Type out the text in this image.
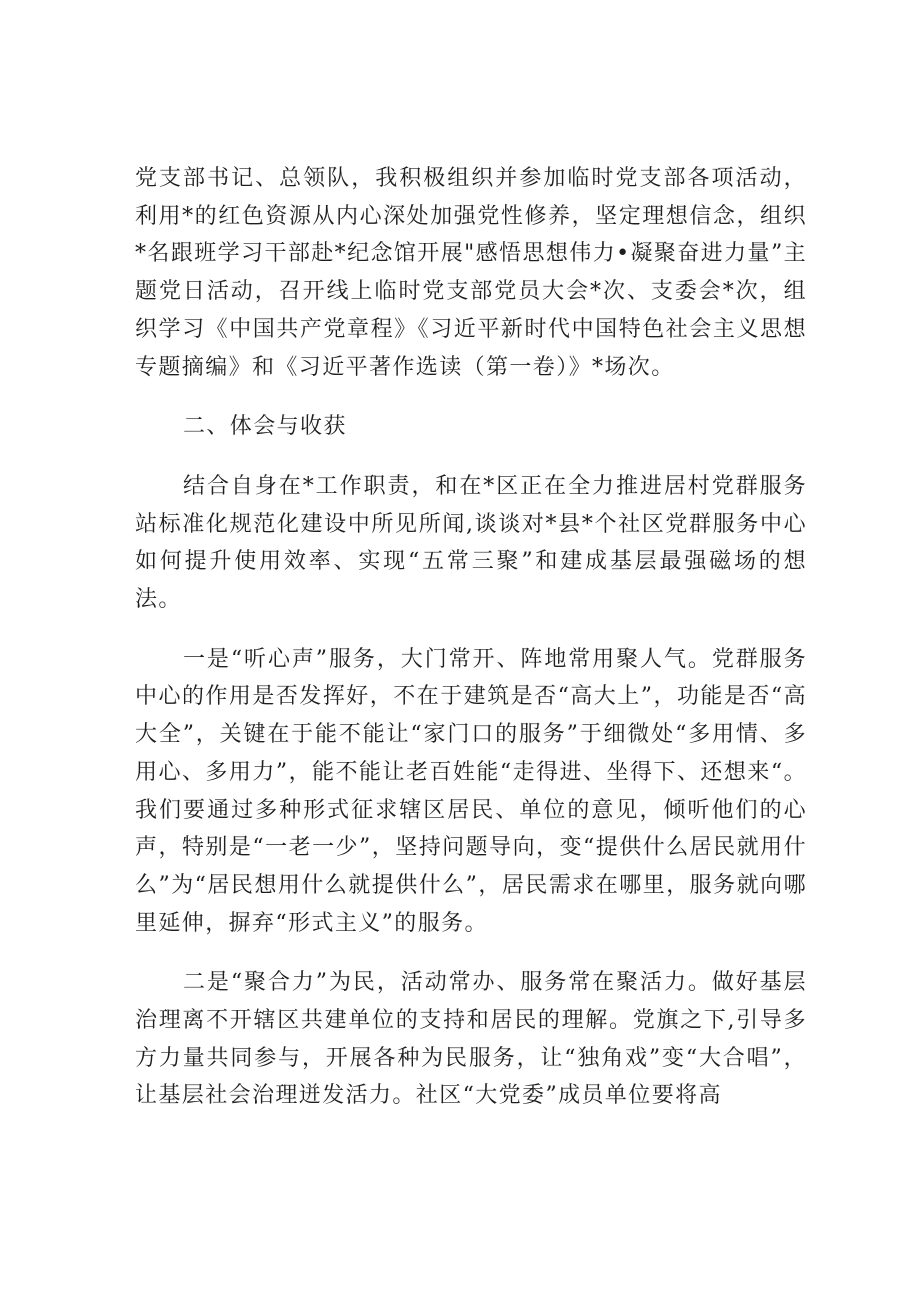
党支部书记、总领队，我积极组织并参加临时党支部各项活动，利用*的红色资源从内心深处加强党性修养，坚定理想信念，组织*名跟班学习干部赴*纪念馆开展"感悟思想伟力•凝聚奋进力量”主题党日活动，召开线上临时党支部党员大会*次、支委会*次，组织学习《中国共产党章程》《习近平新时代中国特色社会主义思想专题摘编》和《习近平著作选读（第一卷）》*场次。

二、体会与收获

结合自身在*工作职责，和在*区正在全力推进居村党群服务站标准化规范化建设中所见所闻,谈谈对*县*个社区党群服务中心如何提升使用效率、实现“五常三聚”和建成基层最强磁场的想法。

一是“听心声”服务，大门常开、阵地常用聚人气。党群服务中心的作用是否发挥好，不在于建筑是否“高大上”，功能是否“高大全”，关键在于能不能让“家门口的服务”于细微处“多用情、多用心、多用力”，能不能让老百姓能“走得进、坐得下、还想来“。我们要通过多种形式征求辖区居民、单位的意见，倾听他们的心声，特别是“一老一少”，坚持问题导向，变“提供什么居民就用什么”为“居民想用什么就提供什么”，居民需求在哪里，服务就向哪里延伸，摒弃“形式主义”的服务。

二是“聚合力”为民，活动常办、服务常在聚活力。做好基层治理离不开辖区共建单位的支持和居民的理解。党旗之下,引导多方力量共同参与，开展各种为民服务，让“独角戏”变“大合唱”，让基层社会治理迸发活力。社区“大党委”成员单位要将高
